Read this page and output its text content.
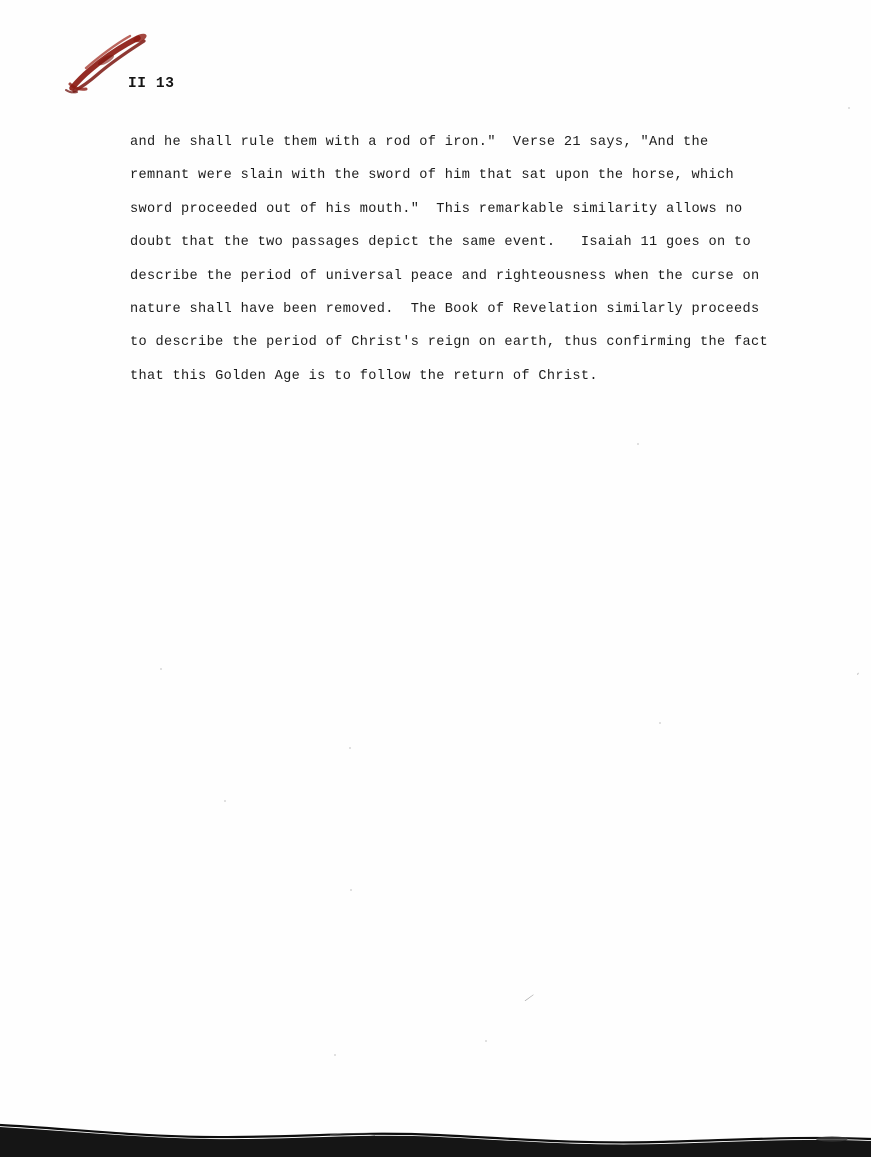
II 13
and he shall rule them with a rod of iron."  Verse 21 says, "And the
remnant were slain with the sword of him that sat upon the horse, which
sword proceeded out of his mouth."  This remarkable similarity allows no
doubt that the two passages depict the same event.   Isaiah 11 goes on to
describe the period of universal peace and righteousness when the curse on
nature shall have been removed.  The Book of Revelation similarly proceeds
to describe the period of Christ's reign on earth, thus confirming the fact
that this Golden Age is to follow the return of Christ.
͵
⁄
